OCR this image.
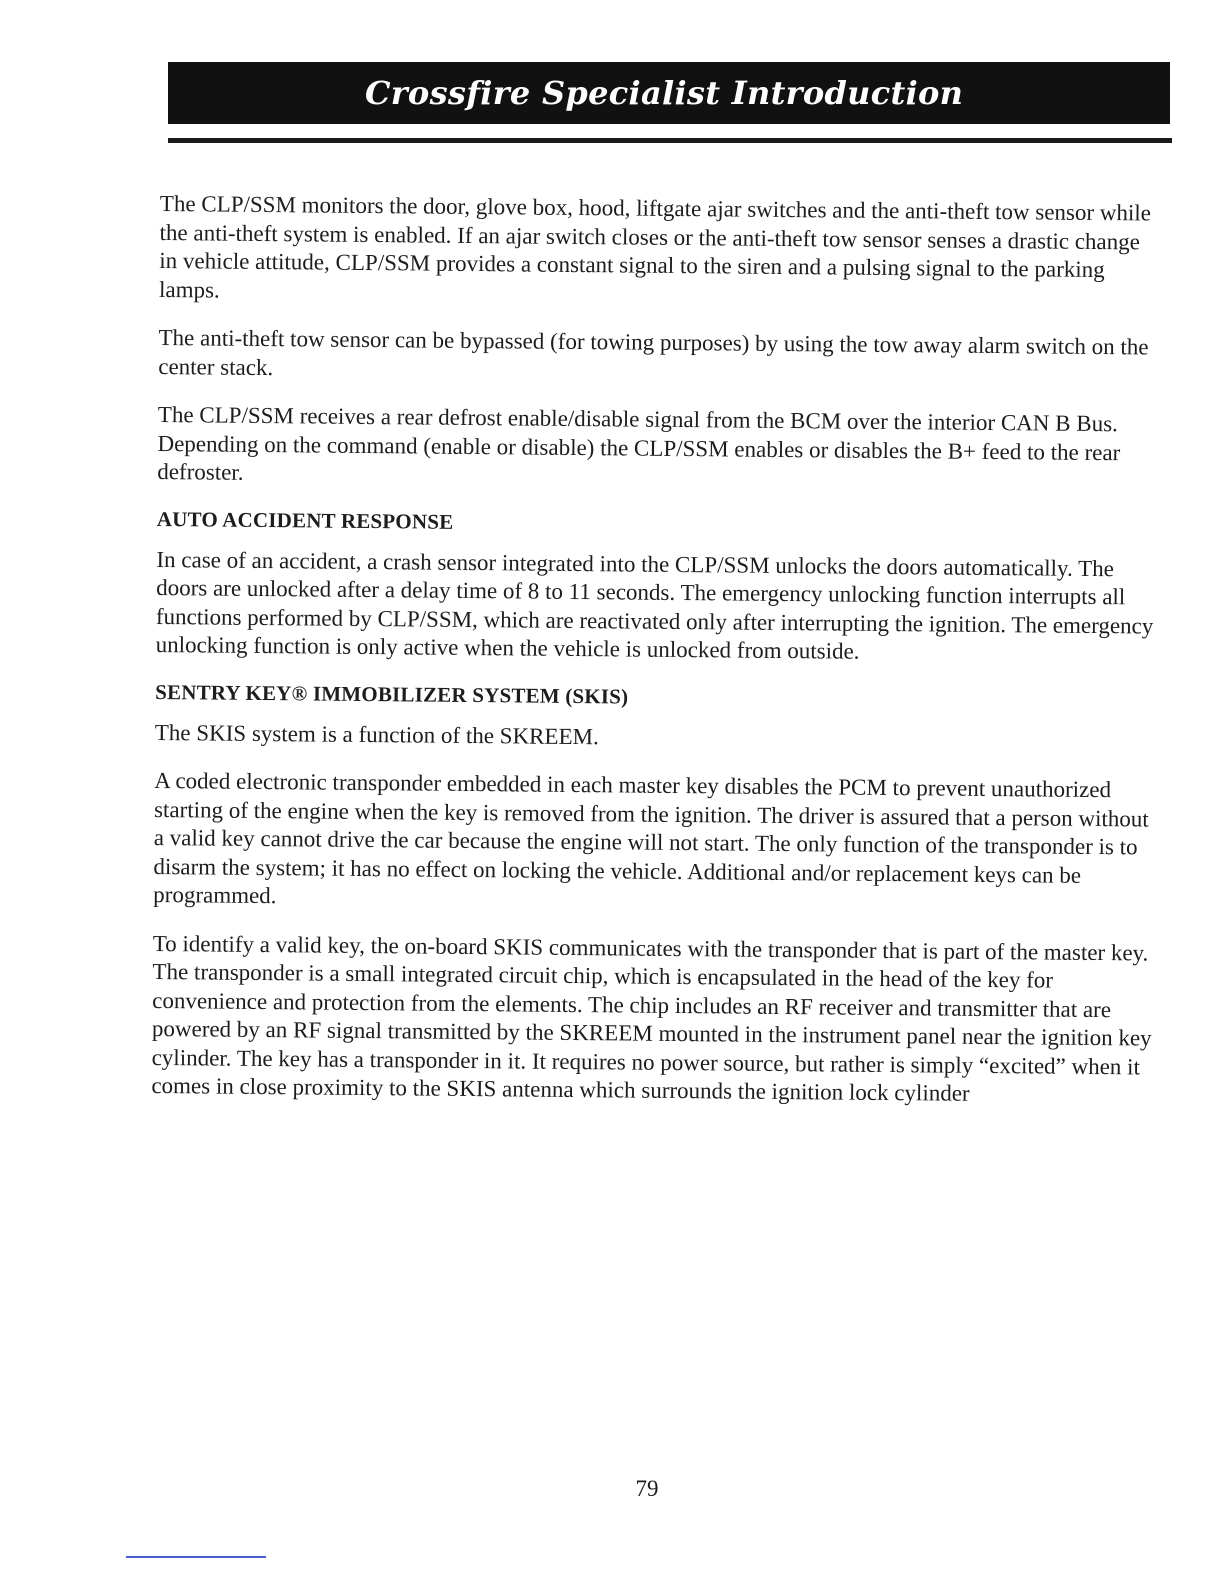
Crossfire Specialist Introduction

The CLP/SSM monitors the door, glove box, hood, liftgate ajar switches and the anti-theft tow sensor while the anti-theft system is enabled. If an ajar switch closes or the anti-theft tow sensor senses a drastic change in vehicle attitude, CLP/SSM provides a constant signal to the siren and a pulsing signal to the parking lamps.

The anti-theft tow sensor can be bypassed (for towing purposes) by using the tow away alarm switch on the center stack.

The CLP/SSM receives a rear defrost enable/disable signal from the BCM over the interior CAN B Bus. Depending on the command (enable or disable) the CLP/SSM enables or disables the B+ feed to the rear defroster.

AUTO ACCIDENT RESPONSE

In case of an accident, a crash sensor integrated into the CLP/SSM unlocks the doors automatically. The doors are unlocked after a delay time of 8 to 11 seconds. The emergency unlocking function interrupts all functions performed by CLP/SSM, which are reactivated only after interrupting the ignition. The emergency unlocking function is only active when the vehicle is unlocked from outside.

SENTRY KEY® IMMOBILIZER SYSTEM (SKIS)

The SKIS system is a function of the SKREEM.

A coded electronic transponder embedded in each master key disables the PCM to prevent unauthorized starting of the engine when the key is removed from the ignition. The driver is assured that a person without a valid key cannot drive the car because the engine will not start. The only function of the transponder is to disarm the system; it has no effect on locking the vehicle. Additional and/or replacement keys can be programmed.

To identify a valid key, the on-board SKIS communicates with the transponder that is part of the master key. The transponder is a small integrated circuit chip, which is encapsulated in the head of the key for convenience and protection from the elements. The chip includes an RF receiver and transmitter that are powered by an RF signal transmitted by the SKREEM mounted in the instrument panel near the ignition key cylinder. The key has a transponder in it. It requires no power source, but rather is simply “excited” when it comes in close proximity to the SKIS antenna which surrounds the ignition lock cylinder

79
